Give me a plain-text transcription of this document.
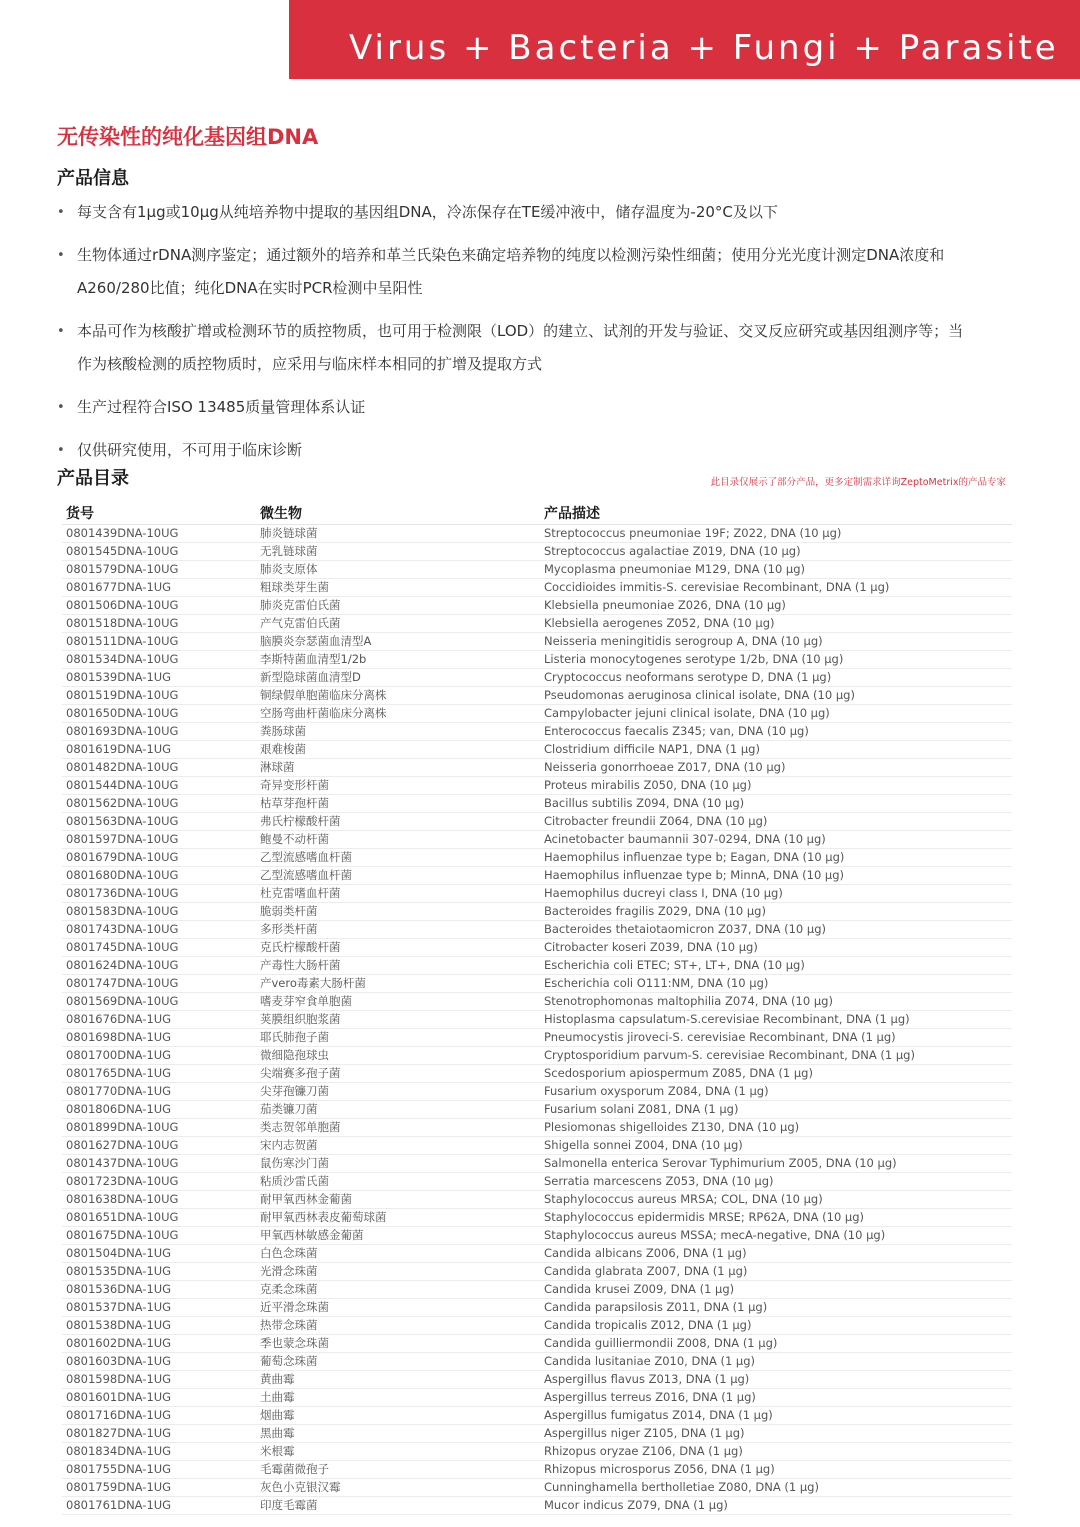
Virus + Bacteria + Fungi + Parasite
无传染性的纯化基因组DNA
产品信息
• 每支含有1μg或10μg从纯培养物中提取的基因组DNA，冷冻保存在TE缓冲液中，储存温度为-20°C及以下
• 生物体通过rDNA测序鉴定；通过额外的培养和革兰氏染色来确定培养物的纯度以检测污染性细菌；使用分光光度计测定DNA浓度和A260/280比值；纯化DNA在实时PCR检测中呈阳性
• 本品可作为核酸扩增或检测环节的质控物质，也可用于检测限（LOD）的建立、试剂的开发与验证、交叉反应研究或基因组测序等；当作为核酸检测的质控物质时，应采用与临床样本相同的扩增及提取方式
• 生产过程符合ISO 13485质量管理体系认证
• 仅供研究使用，不可用于临床诊断
产品目录	此目录仅展示了部分产品，更多定制需求详询ZeptoMetrix的产品专家

货号	微生物	产品描述
0801439DNA-10UG	肺炎链球菌	Streptococcus pneumoniae 19F; Z022, DNA (10 μg)
0801545DNA-10UG	无乳链球菌	Streptococcus agalactiae Z019, DNA (10 μg)
0801579DNA-10UG	肺炎支原体	Mycoplasma pneumoniae M129, DNA (10 μg)
0801677DNA-1UG	粗球类芽生菌	Coccidioides immitis-S. cerevisiae Recombinant, DNA (1 μg)
0801506DNA-10UG	肺炎克雷伯氏菌	Klebsiella pneumoniae Z026, DNA (10 μg)
0801518DNA-10UG	产气克雷伯氏菌	Klebsiella aerogenes Z052, DNA (10 μg)
0801511DNA-10UG	脑膜炎奈瑟菌血清型A	Neisseria meningitidis serogroup A, DNA (10 μg)
0801534DNA-10UG	李斯特菌血清型1/2b	Listeria monocytogenes serotype 1/2b, DNA (10 μg)
0801539DNA-1UG	新型隐球菌血清型D	Cryptococcus neoformans serotype D, DNA (1 μg)
0801519DNA-10UG	铜绿假单胞菌临床分离株	Pseudomonas aeruginosa clinical isolate, DNA (10 μg)
0801650DNA-10UG	空肠弯曲杆菌临床分离株	Campylobacter jejuni clinical isolate, DNA (10 μg)
0801693DNA-10UG	粪肠球菌	Enterococcus faecalis Z345; van, DNA (10 μg)
0801619DNA-1UG	艰难梭菌	Clostridium difficile NAP1, DNA (1 μg)
0801482DNA-10UG	淋球菌	Neisseria gonorrhoeae Z017, DNA (10 μg)
0801544DNA-10UG	奇异变形杆菌	Proteus mirabilis Z050, DNA (10 μg)
0801562DNA-10UG	枯草芽孢杆菌	Bacillus subtilis Z094, DNA (10 μg)
0801563DNA-10UG	弗氏柠檬酸杆菌	Citrobacter freundii Z064, DNA (10 μg)
0801597DNA-10UG	鲍曼不动杆菌	Acinetobacter baumannii 307-0294, DNA (10 μg)
0801679DNA-10UG	乙型流感嗜血杆菌	Haemophilus influenzae type b; Eagan, DNA (10 μg)
0801680DNA-10UG	乙型流感嗜血杆菌	Haemophilus influenzae type b; MinnA, DNA (10 μg)
0801736DNA-10UG	杜克雷嗜血杆菌	Haemophilus ducreyi class I, DNA (10 μg)
0801583DNA-10UG	脆弱类杆菌	Bacteroides fragilis Z029, DNA (10 μg)
0801743DNA-10UG	多形类杆菌	Bacteroides thetaiotaomicron Z037, DNA (10 μg)
0801745DNA-10UG	克氏柠檬酸杆菌	Citrobacter koseri Z039, DNA (10 μg)
0801624DNA-10UG	产毒性大肠杆菌	Escherichia coli ETEC; ST+, LT+, DNA (10 μg)
0801747DNA-10UG	产vero毒素大肠杆菌	Escherichia coli O111:NM, DNA (10 μg)
0801569DNA-10UG	嗜麦芽窄食单胞菌	Stenotrophomonas maltophilia Z074, DNA (10 μg)
0801676DNA-1UG	荚膜组织胞浆菌	Histoplasma capsulatum-S.cerevisiae Recombinant, DNA (1 μg)
0801698DNA-1UG	耶氏肺孢子菌	Pneumocystis jiroveci-S. cerevisiae Recombinant, DNA (1 μg)
0801700DNA-1UG	微细隐孢球虫	Cryptosporidium parvum-S. cerevisiae Recombinant, DNA (1 μg)
0801765DNA-1UG	尖端赛多孢子菌	Scedosporium apiospermum Z085, DNA (1 μg)
0801770DNA-1UG	尖芽孢镰刀菌	Fusarium oxysporum Z084, DNA (1 μg)
0801806DNA-1UG	茄类镰刀菌	Fusarium solani Z081, DNA (1 μg)
0801899DNA-10UG	类志贺邻单胞菌	Plesiomonas shigelloides Z130, DNA (10 μg)
0801627DNA-10UG	宋内志贺菌	Shigella sonnei Z004, DNA (10 μg)
0801437DNA-10UG	鼠伤寒沙门菌	Salmonella enterica Serovar Typhimurium Z005, DNA (10 μg)
0801723DNA-10UG	粘质沙雷氏菌	Serratia marcescens Z053, DNA (10 μg)
0801638DNA-10UG	耐甲氧西林金葡菌	Staphylococcus aureus MRSA; COL, DNA (10 μg)
0801651DNA-10UG	耐甲氧西林表皮葡萄球菌	Staphylococcus epidermidis MRSE; RP62A, DNA (10 μg)
0801675DNA-10UG	甲氧西林敏感金葡菌	Staphylococcus aureus MSSA; mecA-negative, DNA (10 μg)
0801504DNA-1UG	白色念珠菌	Candida albicans Z006, DNA (1 μg)
0801535DNA-1UG	光滑念珠菌	Candida glabrata Z007, DNA (1 μg)
0801536DNA-1UG	克柔念珠菌	Candida krusei Z009, DNA (1 μg)
0801537DNA-1UG	近平滑念珠菌	Candida parapsilosis Z011, DNA (1 μg)
0801538DNA-1UG	热带念珠菌	Candida tropicalis Z012, DNA (1 μg)
0801602DNA-1UG	季也蒙念珠菌	Candida guilliermondii Z008, DNA (1 μg)
0801603DNA-1UG	葡萄念珠菌	Candida lusitaniae Z010, DNA (1 μg)
0801598DNA-1UG	黄曲霉	Aspergillus flavus Z013, DNA (1 μg)
0801601DNA-1UG	土曲霉	Aspergillus terreus Z016, DNA (1 μg)
0801716DNA-1UG	烟曲霉	Aspergillus fumigatus Z014, DNA (1 μg)
0801827DNA-1UG	黑曲霉	Aspergillus niger Z105, DNA (1 μg)
0801834DNA-1UG	米根霉	Rhizopus oryzae Z106, DNA (1 μg)
0801755DNA-1UG	毛霉菌微孢子	Rhizopus microsporus Z056, DNA (1 μg)
0801759DNA-1UG	灰色小克银汉霉	Cunninghamella bertholletiae Z080, DNA (1 μg)
0801761DNA-1UG	印度毛霉菌	Mucor indicus Z079, DNA (1 μg)
